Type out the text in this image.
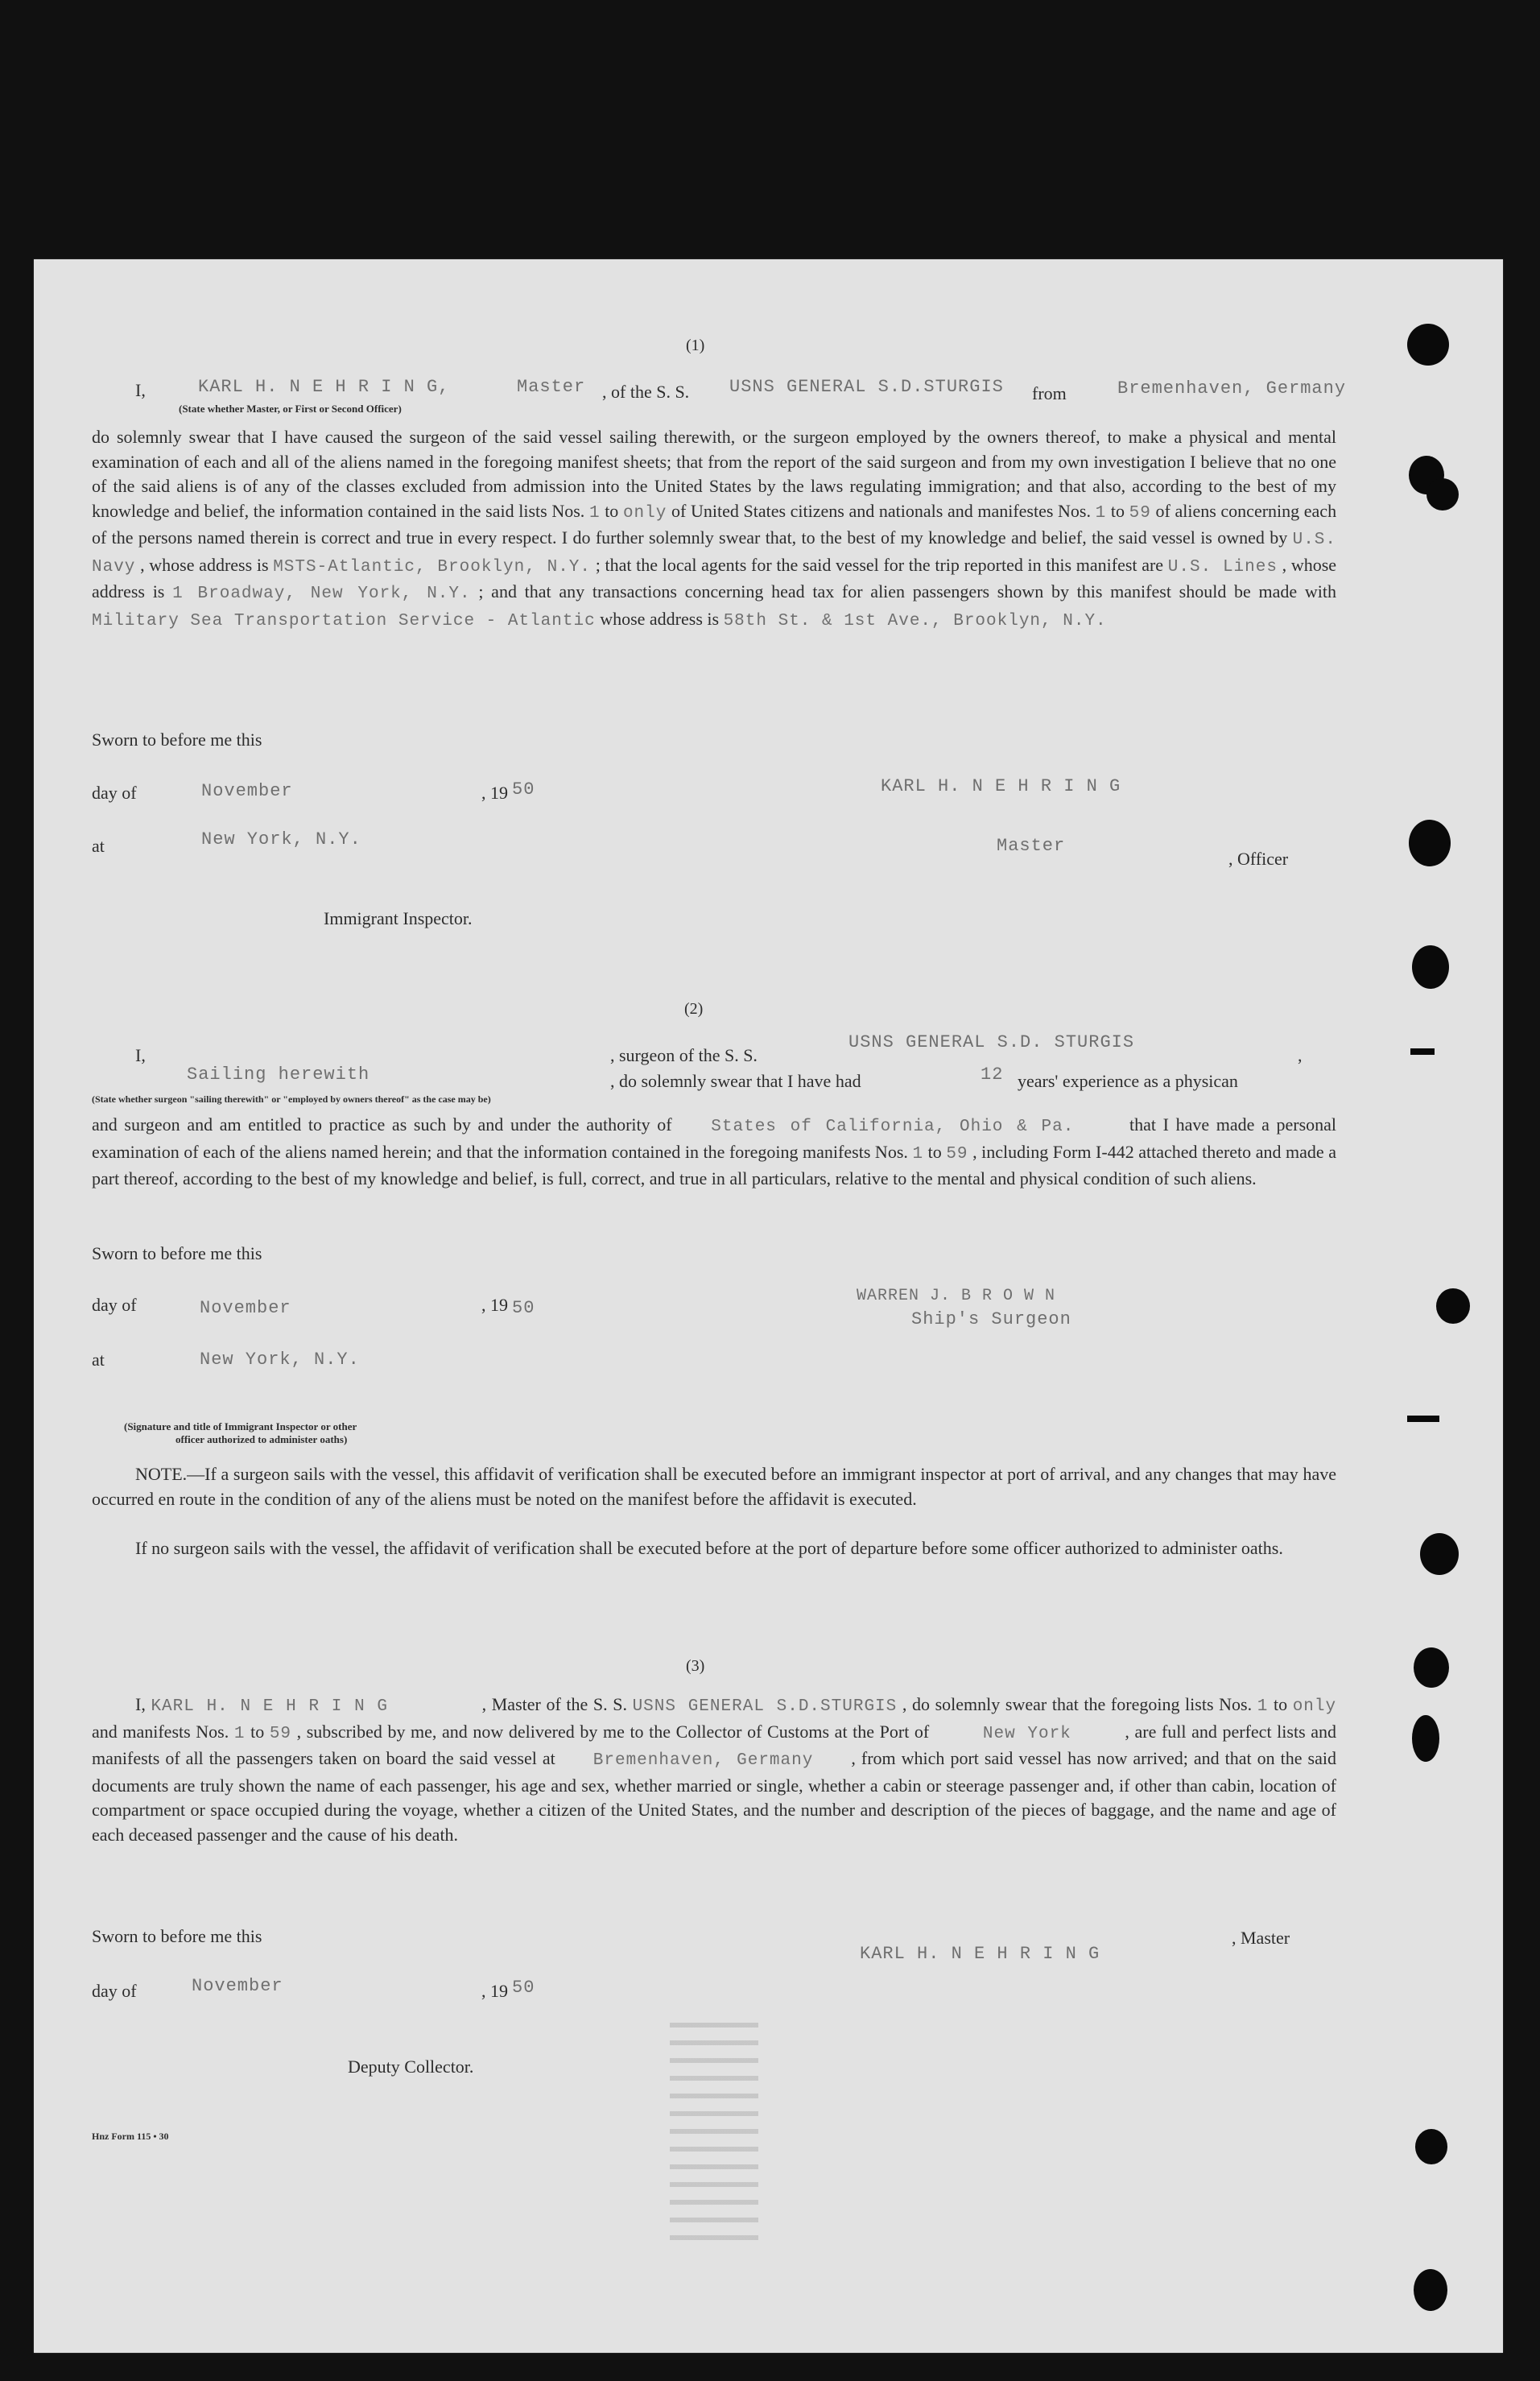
(1)
I,	KARL H. N E H R I N G,	Master , of the S. S. USNS GENERAL S.D.STURGIS from	Bremenhaven, Germany
(State whether Master, or First or Second Officer)
do solemnly swear that I have caused the surgeon of the said vessel sailing therewith, or the surgeon employed by the owners thereof, to make a physical and mental examination of each and all of the aliens named in the foregoing manifest sheets; that from the report of the said surgeon and from my own investigation I believe that no one of the said aliens is of any of the classes excluded from admission into the United States by the laws regulating immigration; and that also, according to the best of my knowledge and belief, the information contained in the said lists Nos. 1 to only of United States citizens and nationals and manifestes Nos. 1 to 59 of aliens concerning each of the persons named therein is correct and true in every respect. I do further solemnly swear that, to the best of my knowledge and belief, the said vessel is owned by U.S. Navy , whose address is MSTS-Atlantic, Brooklyn, N.Y. ; that the local agents for the said vessel for the trip reported in this manifest are U.S. Lines , whose address is 1 Broadway, New York, N.Y. ; and that any transactions concerning head tax for alien passengers shown by this manifest should be made with Military Sea Transportation Service - Atlantic whose address is 58th St. & 1st Ave., Brooklyn, N.Y.
Sworn to before me this
day of	November	, 19 50	KARL H. N E H R I N G
at	New York, N.Y.	Master
, Officer
Immigrant Inspector.
(2)
I,	, surgeon of the S. S.
USNS GENERAL S.D. STURGIS
,
Sailing herewith	, do solemnly swear that I have had	12 years' experience as a physican
(State whether surgeon "sailing therewith" or "employed by owners thereof" as the case may be)
and surgeon and am entitled to practice as such by and under the authority of States of California, Ohio & Pa.	that I have made a personal examination of each of the aliens named herein; and that the information contained in the foregoing manifests Nos. 1 to 59 , including Form I-442 attached thereto and made a part thereof, according to the best of my knowledge and belief, is full, correct, and true in all particulars, relative to the mental and physical condition of such aliens.
Sworn to before me this
day of	November	, 19 50
WARREN J. B R O W N
Ship's Surgeon
at	New York, N.Y.
(Signature and title of Immigrant Inspector or other
officer authorized to administer oaths)
NOTE.—If a surgeon sails with the vessel, this affidavit of verification shall be executed before an immigrant inspector at port of arrival, and any changes that may have occurred en route in the condition of any of the aliens must be noted on the manifest before the affidavit is executed.
If no surgeon sails with the vessel, the affidavit of verification shall be executed before at the port of departure before some officer authorized to administer oaths.
(3)
I, KARL H. N E H R I N G	, Master of the S. S. USNS GENERAL S.D.STURGIS , do solemnly swear that the foregoing lists Nos. 1 to only and manifests Nos. 1 to 59 , subscribed by me, and now delivered by me to the Collector of Customs at the Port of	New York	, are full and perfect lists and manifests of all the passengers taken on board the said vessel at Bremenhaven, Germany , from which port said vessel has now arrived; and that on the said documents are truly shown the name of each passenger, his age and sex, whether married or single, whether a cabin or steerage passenger and, if other than cabin, location of compartment or space occupied during the voyage, whether a citizen of the United States, and the number and description of the pieces of baggage, and the name and age of each deceased passenger and the cause of his death.
Sworn to before me this
KARL H. N E H R I N G
, Master
day of	November	, 19 50
Deputy Collector.
Hnz Form 115 • 30
